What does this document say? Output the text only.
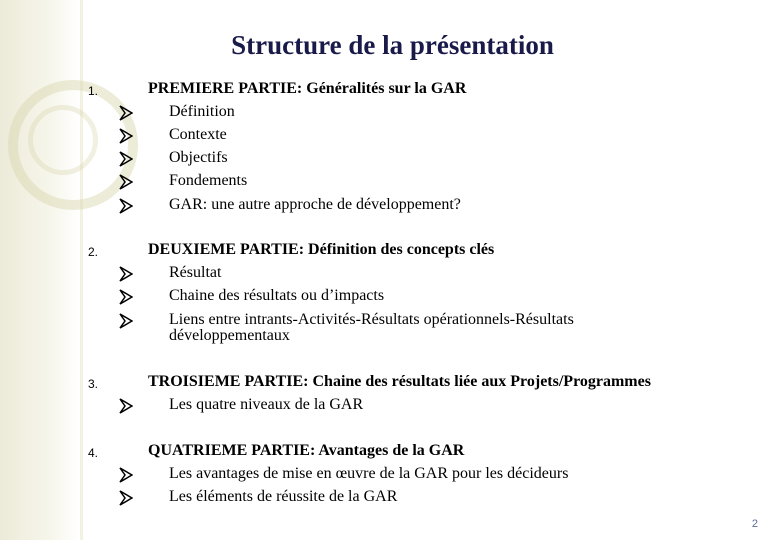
Structure de la présentation
1.	PREMIERE PARTIE: Généralités sur la GAR
Définition
Contexte
Objectifs
Fondements
GAR: une autre approche de développement?
2.	DEUXIEME PARTIE: Définition des concepts clés
Résultat
Chaine des résultats ou d’impacts
Liens entre intrants-Activités-Résultats opérationnels-Résultats développementaux
3.	TROISIEME PARTIE: Chaine des résultats liée aux Projets/Programmes
Les quatre niveaux de la GAR
4.	QUATRIEME PARTIE: Avantages de la GAR
Les avantages de mise en œuvre de la GAR pour les décideurs
Les éléments de réussite de la GAR
2
